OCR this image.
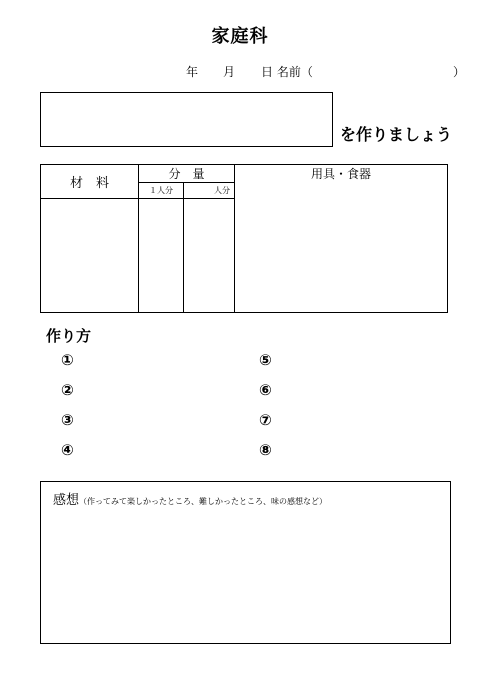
家庭科
年 月 日 名前（	）
を作りましょう
材　料	分　量		用具・食器
	１人分	人分	

作り方
①
②
③
④
⑤
⑥
⑦
⑧
感想（作ってみて楽しかったところ、難しかったところ、味の感想など）
